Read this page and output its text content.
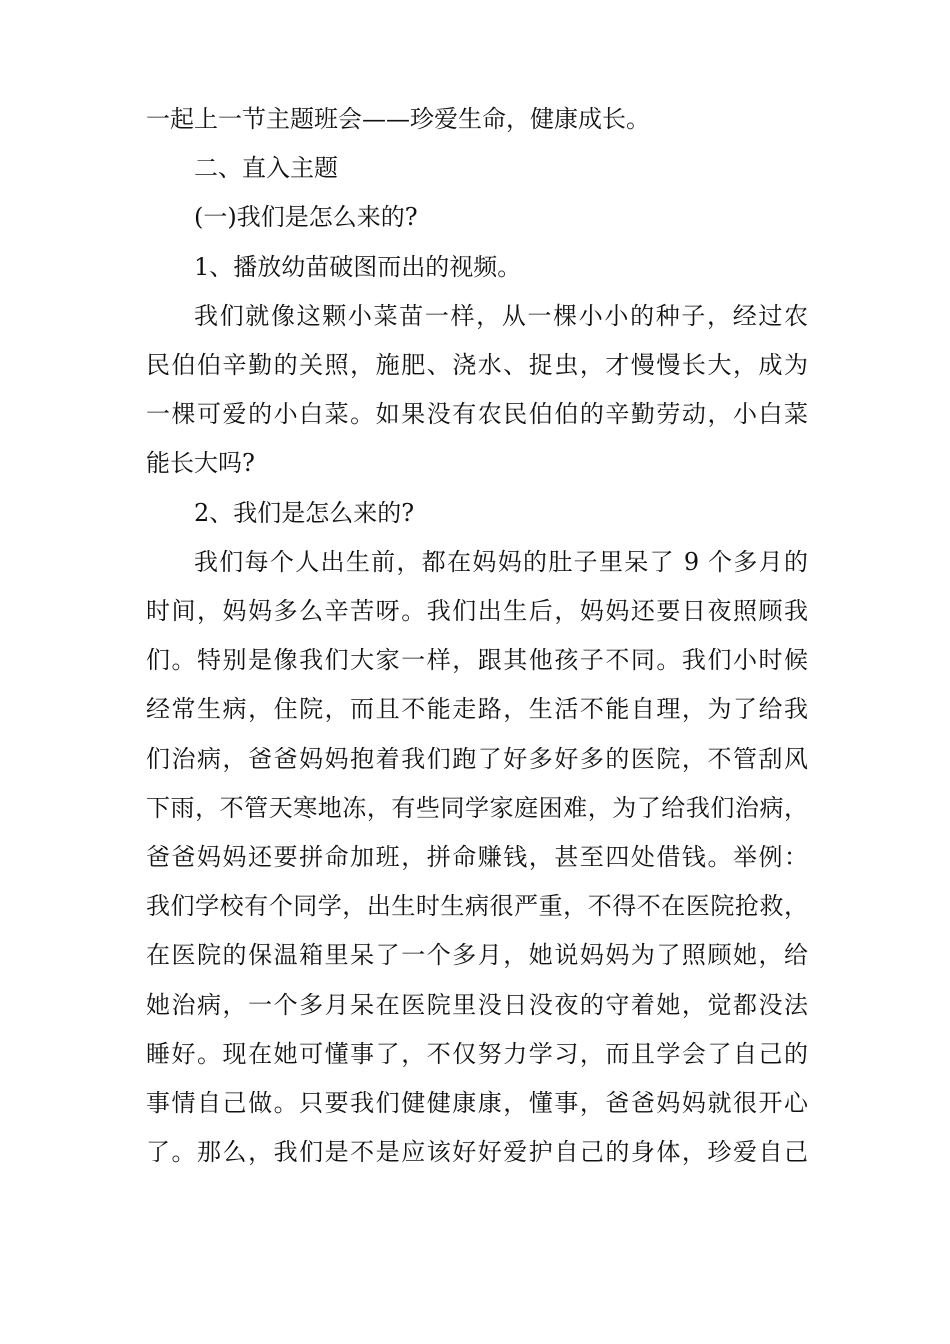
一起上一节主题班会——珍爱生命，健康成长。

二、直入主题

(一)我们是怎么来的?

1、播放幼苗破图而出的视频。

我们就像这颗小菜苗一样，从一棵小小的种子，经过农
民伯伯辛勤的关照，施肥、浇水、捉虫，才慢慢长大，成为
一棵可爱的小白菜。如果没有农民伯伯的辛勤劳动，小白菜
能长大吗?

2、我们是怎么来的?

我们每个人出生前，都在妈妈的肚子里呆了 9 个多月的
时间，妈妈多么辛苦呀。我们出生后，妈妈还要日夜照顾我
们。特别是像我们大家一样，跟其他孩子不同。我们小时候
经常生病，住院，而且不能走路，生活不能自理，为了给我
们治病，爸爸妈妈抱着我们跑了好多好多的医院，不管刮风
下雨，不管天寒地冻，有些同学家庭困难，为了给我们治病，
爸爸妈妈还要拼命加班，拼命赚钱，甚至四处借钱。举例：
我们学校有个同学，出生时生病很严重，不得不在医院抢救，
在医院的保温箱里呆了一个多月，她说妈妈为了照顾她，给
她治病，一个多月呆在医院里没日没夜的守着她，觉都没法
睡好。现在她可懂事了，不仅努力学习，而且学会了自己的
事情自己做。只要我们健健康康，懂事，爸爸妈妈就很开心
了。那么，我们是不是应该好好爱护自己的身体，珍爱自己
